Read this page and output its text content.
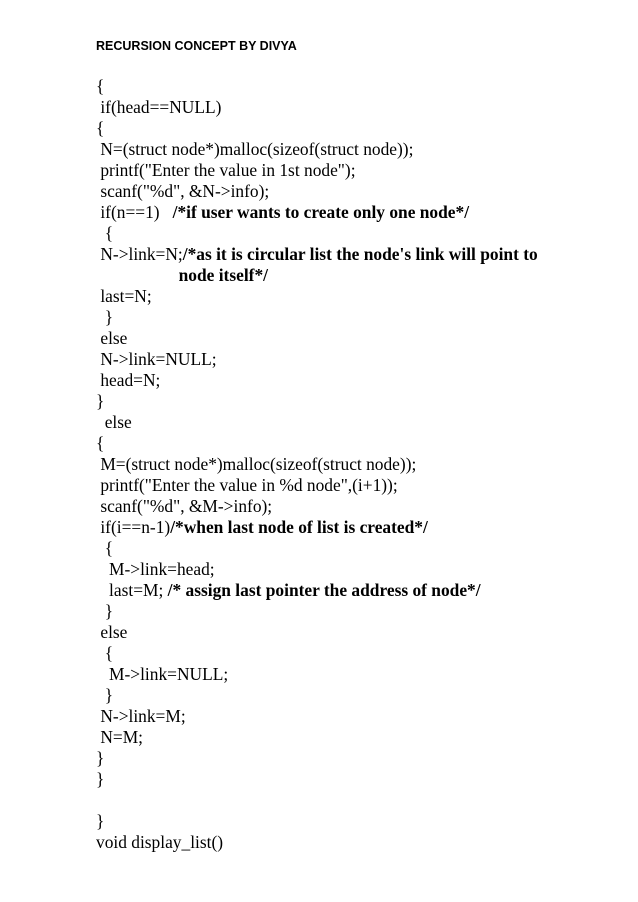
RECURSION CONCEPT BY DIVYA
{
if(head==NULL)
{
N=(struct node*)malloc(sizeof(struct node));
printf("Enter the value in 1st node");
scanf("%d", &N->info);
if(n==1)   /*if user wants to create only one node*/
{
N->link=N;/*as it is circular list the node's link will point to
node itself*/
last=N;
}
else
N->link=NULL;
head=N;
}
else
{
M=(struct node*)malloc(sizeof(struct node));
printf("Enter the value in %d node",(i+1));
scanf("%d", &M->info);
if(i==n-1)/*when last node of list is created*/
{
M->link=head;
last=M; /* assign last pointer the address of node*/
}
else
{
M->link=NULL;
}
N->link=M;
N=M;
}
}
}
void display_list()
